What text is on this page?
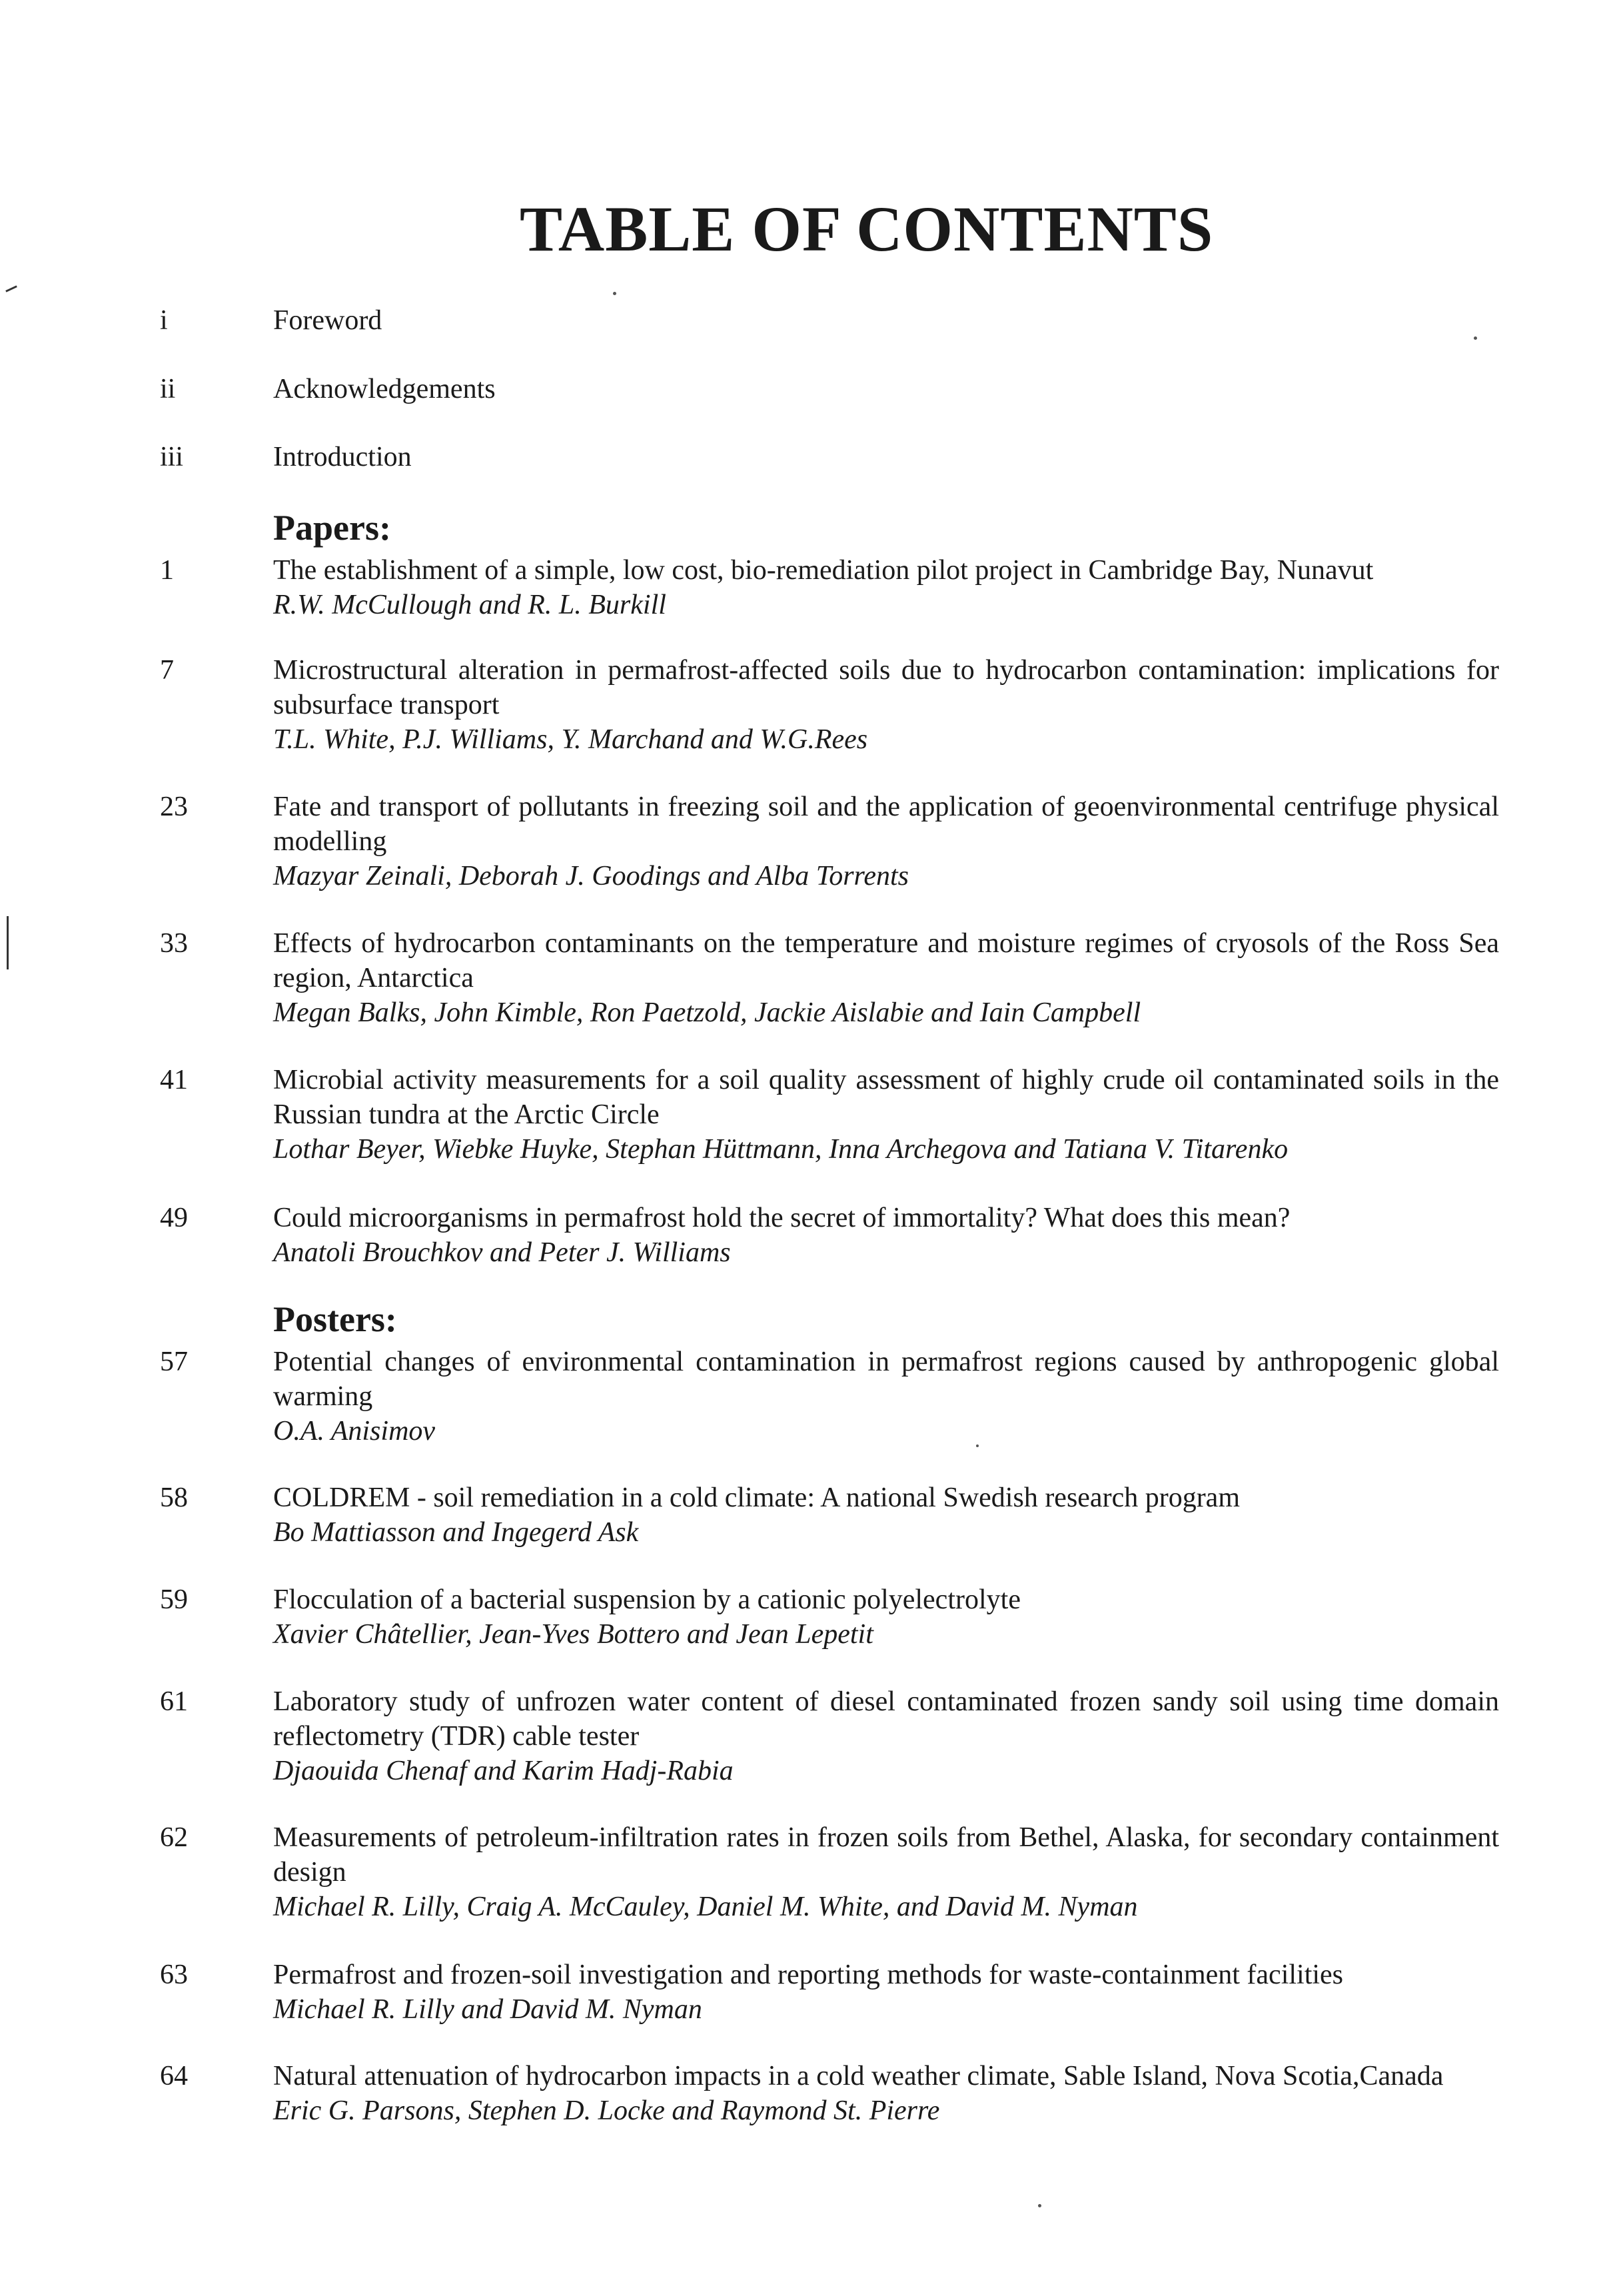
TABLE OF CONTENTS
i	Foreword
ii	Acknowledgements
iii	Introduction
Papers:
1	The establishment of a simple, low cost, bio-remediation pilot project in Cambridge Bay, Nunavut
R.W. McCullough and R. L. Burkill
7	Microstructural alteration in permafrost-affected soils due to hydrocarbon contamination: implications for subsurface transport
T.L. White, P.J. Williams, Y. Marchand and W.G.Rees
23	Fate and transport of pollutants in freezing soil and the application of geoenvironmental centrifuge physical modelling
Mazyar Zeinali, Deborah J. Goodings and Alba Torrents
33	Effects of hydrocarbon contaminants on the temperature and moisture regimes of cryosols of the Ross Sea region, Antarctica
Megan Balks, John Kimble, Ron Paetzold, Jackie Aislabie and Iain Campbell
41	Microbial activity measurements for a soil quality assessment of highly crude oil contaminated soils in the Russian tundra at the Arctic Circle
Lothar Beyer, Wiebke Huyke, Stephan Hüttmann, Inna Archegova and Tatiana V. Titarenko
49	Could microorganisms in permafrost hold the secret of immortality? What does this mean?
Anatoli Brouchkov and Peter J. Williams
Posters:
57	Potential changes of environmental contamination in permafrost regions caused by anthropogenic global warming
O.A. Anisimov
58	COLDREM - soil remediation in a cold climate: A national Swedish research program
Bo Mattiasson and Ingegerd Ask
59	Flocculation of a bacterial suspension by a cationic polyelectrolyte
Xavier Châtellier, Jean-Yves Bottero and Jean Lepetit
61	Laboratory study of unfrozen water content of diesel contaminated frozen sandy soil using time domain reflectometry (TDR) cable tester
Djaouida Chenaf and Karim Hadj-Rabia
62	Measurements of petroleum-infiltration rates in frozen soils from Bethel, Alaska, for secondary containment design
Michael R. Lilly, Craig A. McCauley, Daniel M. White, and David M. Nyman
63	Permafrost and frozen-soil investigation and reporting methods for waste-containment facilities
Michael R. Lilly and David M. Nyman
64	Natural attenuation of hydrocarbon impacts in a cold weather climate, Sable Island, Nova Scotia,Canada
Eric G. Parsons, Stephen D. Locke and Raymond St. Pierre
